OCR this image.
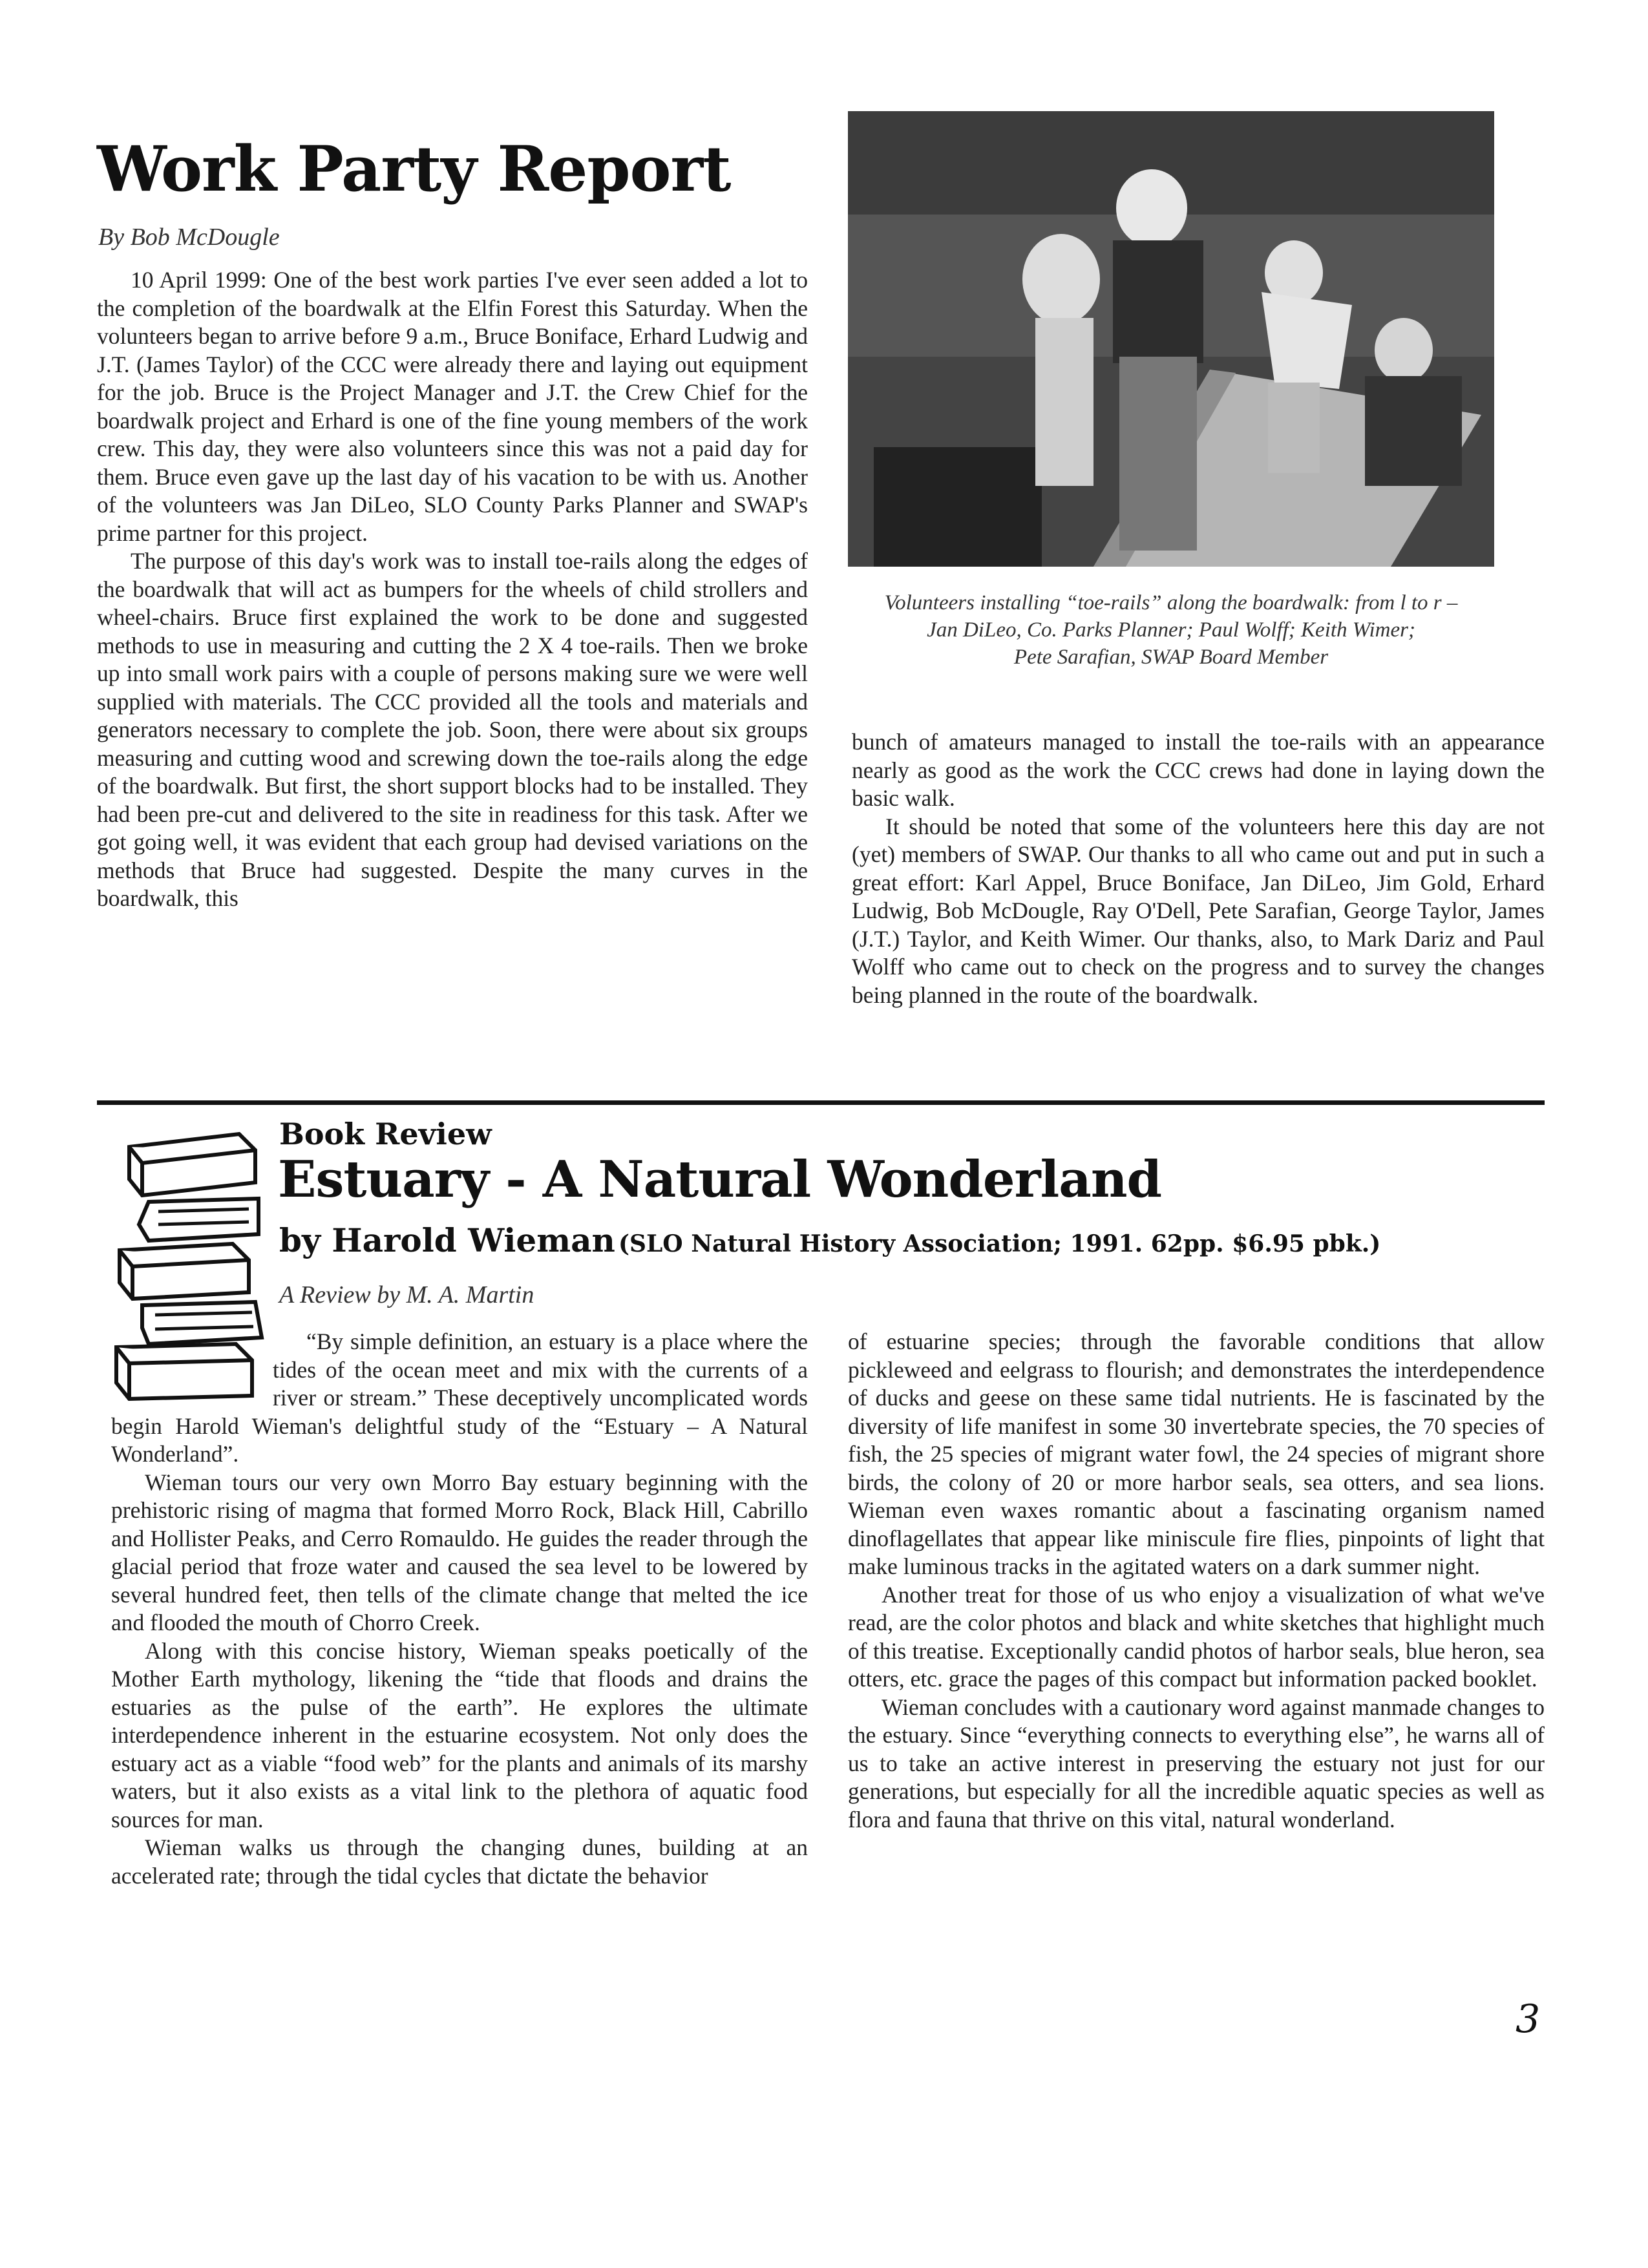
Work Party Report
By Bob McDougle

10 April 1999: One of the best work parties I've ever seen added a lot to the completion of the boardwalk at the Elfin Forest this Saturday. When the volunteers began to arrive before 9 a.m., Bruce Boniface, Erhard Ludwig and J.T. (James Taylor) of the CCC were already there and laying out equipment for the job. Bruce is the Project Manager and J.T. the Crew Chief for the boardwalk project and Erhard is one of the fine young members of the work crew. This day, they were also volunteers since this was not a paid day for them. Bruce even gave up the last day of his vacation to be with us. Another of the volunteers was Jan DiLeo, SLO County Parks Planner and SWAP's prime partner for this project.

The purpose of this day's work was to install toe-rails along the edges of the boardwalk that will act as bumpers for the wheels of child strollers and wheel-chairs. Bruce first explained the work to be done and suggested methods to use in measuring and cutting the 2 X 4 toe-rails. Then we broke up into small work pairs with a couple of persons making sure we were well supplied with materials. The CCC provided all the tools and materials and generators necessary to complete the job. Soon, there were about six groups measuring and cutting wood and screwing down the toe-rails along the edge of the boardwalk. But first, the short support blocks had to be installed. They had been pre-cut and delivered to the site in readiness for this task. After we got going well, it was evident that each group had devised variations on the methods that Bruce had suggested. Despite the many curves in the boardwalk, this

Volunteers installing “toe-rails” along the boardwalk: from l to r –
Jan DiLeo, Co. Parks Planner; Paul Wolff; Keith Wimer;
Pete Sarafian, SWAP Board Member

bunch of amateurs managed to install the toe-rails with an appearance nearly as good as the work the CCC crews had done in laying down the basic walk.

It should be noted that some of the volunteers here this day are not (yet) members of SWAP. Our thanks to all who came out and put in such a great effort: Karl Appel, Bruce Boniface, Jan DiLeo, Jim Gold, Erhard Ludwig, Bob McDougle, Ray O'Dell, Pete Sarafian, George Taylor, James (J.T.) Taylor, and Keith Wimer. Our thanks, also, to Mark Dariz and Paul Wolff who came out to check on the progress and to survey the changes being planned in the route of the boardwalk.

Book Review
Estuary - A Natural Wonderland
by Harold Wieman (SLO Natural History Association; 1991. 62pp. $6.95 pbk.)
A Review by M. A. Martin

“By simple definition, an estuary is a place where the tides of the ocean meet and mix with the currents of a river or stream.” These deceptively uncomplicated words begin Harold Wieman's delightful study of the “Estuary – A Natural Wonderland”.

Wieman tours our very own Morro Bay estuary beginning with the prehistoric rising of magma that formed Morro Rock, Black Hill, Cabrillo and Hollister Peaks, and Cerro Romauldo. He guides the reader through the glacial period that froze water and caused the sea level to be lowered by several hundred feet, then tells of the climate change that melted the ice and flooded the mouth of Chorro Creek.

Along with this concise history, Wieman speaks poetically of the Mother Earth mythology, likening the “tide that floods and drains the estuaries as the pulse of the earth”. He explores the ultimate interdependence inherent in the estuarine ecosystem. Not only does the estuary act as a viable “food web” for the plants and animals of its marshy waters, but it also exists as a vital link to the plethora of aquatic food sources for man.

Wieman walks us through the changing dunes, building at an accelerated rate; through the tidal cycles that dictate the behavior

of estuarine species; through the favorable conditions that allow pickleweed and eelgrass to flourish; and demonstrates the interdependence of ducks and geese on these same tidal nutrients. He is fascinated by the diversity of life manifest in some 30 invertebrate species, the 70 species of fish, the 25 species of migrant water fowl, the 24 species of migrant shore birds, the colony of 20 or more harbor seals, sea otters, and sea lions. Wieman even waxes romantic about a fascinating organism named dinoflagellates that appear like miniscule fire flies, pinpoints of light that make luminous tracks in the agitated waters on a dark summer night.

Another treat for those of us who enjoy a visualization of what we've read, are the color photos and black and white sketches that highlight much of this treatise. Exceptionally candid photos of harbor seals, blue heron, sea otters, etc. grace the pages of this compact but information packed booklet.

Wieman concludes with a cautionary word against manmade changes to the estuary. Since “everything connects to everything else”, he warns all of us to take an active interest in preserving the estuary not just for our generations, but especially for all the incredible aquatic species as well as flora and fauna that thrive on this vital, natural wonderland.

3
